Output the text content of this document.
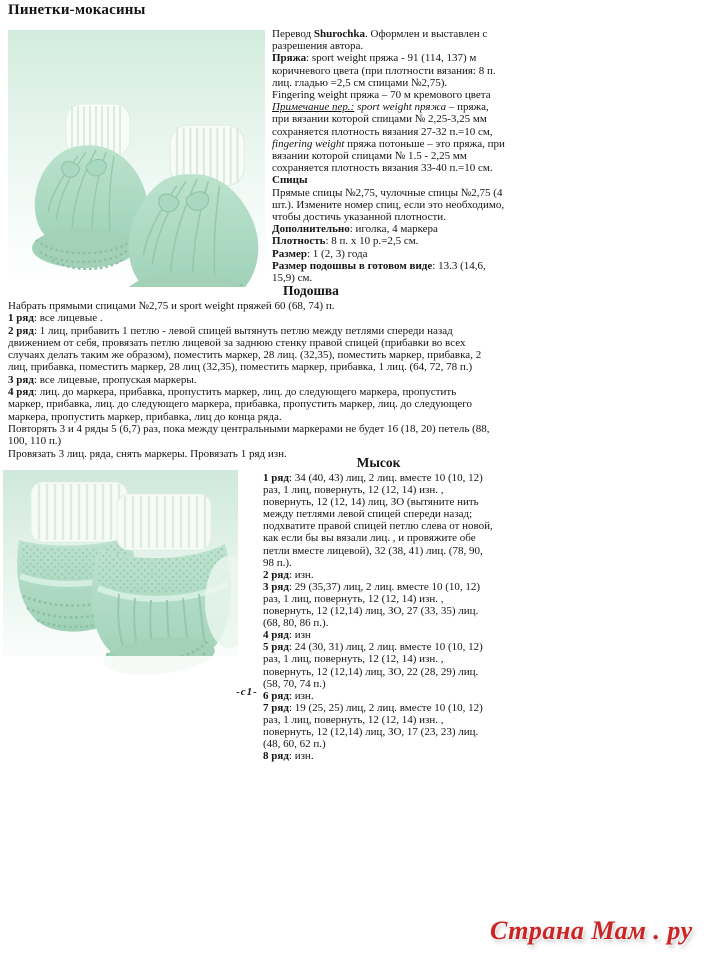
Пинетки-мокасины

Перевод Shurochka. Оформлен и выставлен с разрешения автора.

Пряжа: sport weight пряжа - 91 (114, 137) м коричневого цвета (при плотности вязания: 8 п. лиц. гладью =2,5 см спицами №2,75).

Fingering weight пряжа – 70 м кремового цвета

Примечание пер.: sport weight пряжа – пряжа, при вязании которой спицами № 2,25-3,25 мм сохраняется плотность вязания 27-32 п.=10 см, fingering weight пряжа потоньше – это пряжа, при вязании которой спицами № 1.5 - 2,25 мм сохраняется плотность вязания 33-40 п.=10 см.

Спицы

Прямые спицы №2,75, чулочные спицы №2,75 (4 шт.). Измените номер спиц, если это необходимо, чтобы достичь указанной плотности.

Дополнительно: иголка, 4 маркера

Плотность: 8 п. х 10 р.=2,5 см.

Размер: 1 (2, 3) года

Размер подошвы в готовом виде: 13.3 (14,6, 15,9) см.

Подошва

Набрать прямыми спицами №2,75 и sport weight пряжей 60 (68, 74) п.

1 ряд: все лицевые .

2 ряд: 1 лиц, прибавить 1 петлю - левой спицей вытянуть петлю между петлями спереди назад движением от себя, провязать петлю лицевой за заднюю стенку правой спицей (прибавки во всех случаях делать таким же образом), поместить маркер, 28 лиц. (32,35), поместить маркер, прибавка, 2 лиц, прибавка, поместить маркер, 28 лиц (32,35), поместить маркер, прибавка, 1 лиц. (64, 72, 78 п.)

3 ряд: все лицевые, пропуская маркеры.

4 ряд: лиц. до маркера, прибавка, пропустить маркер, лиц. до следующего маркера, пропустить маркер, прибавка, лиц. до следующего маркера, прибавка, пропустить маркер, лиц. до следующего маркера, пропустить маркер, прибавка, лиц до конца ряда.

Повторять 3 и 4 ряды 5 (6,7) раз, пока между центральными маркерами не будет 16 (18, 20) петель (88, 100, 110 п.)

Провязать 3 лиц. ряда, снять маркеры. Провязать 1 ряд изн.

Мысок

1 ряд: 34 (40, 43) лиц, 2 лиц. вместе 10 (10, 12) раз, 1 лиц, повернуть, 12 (12, 14) изн. , повернуть, 12 (12, 14) лиц, ЗО (вытяните нить между петлями левой спицей спереди назад; подхватите правой спицей петлю слева от новой, как если бы вы вязали лиц. , и провяжите обе петли вместе лицевой), 32 (38, 41) лиц. (78, 90, 98 п.).

2 ряд: изн.

3 ряд: 29 (35,37) лиц, 2 лиц. вместе 10 (10, 12) раз, 1 лиц, повернуть, 12 (12, 14) изн. , повернуть, 12 (12,14) лиц, ЗО, 27 (33, 35) лиц. (68, 80, 86 п.).

4 ряд: изн

5 ряд: 24 (30, 31) лиц, 2 лиц. вместе 10 (10, 12) раз, 1 лиц, повернуть, 12 (12, 14) изн. , повернуть, 12 (12,14) лиц, ЗО, 22 (28, 29) лиц. (58, 70, 74 п.)

6 ряд: изн.

7 ряд: 19 (25, 25) лиц, 2 лиц. вместе 10 (10, 12) раз, 1 лиц, повернуть, 12 (12, 14) изн. , повернуть, 12 (12,14) лиц, ЗО, 17 (23, 23) лиц. (48, 60, 62 п.)

8 ряд: изн.

-c1-
Страна Мам . ру
